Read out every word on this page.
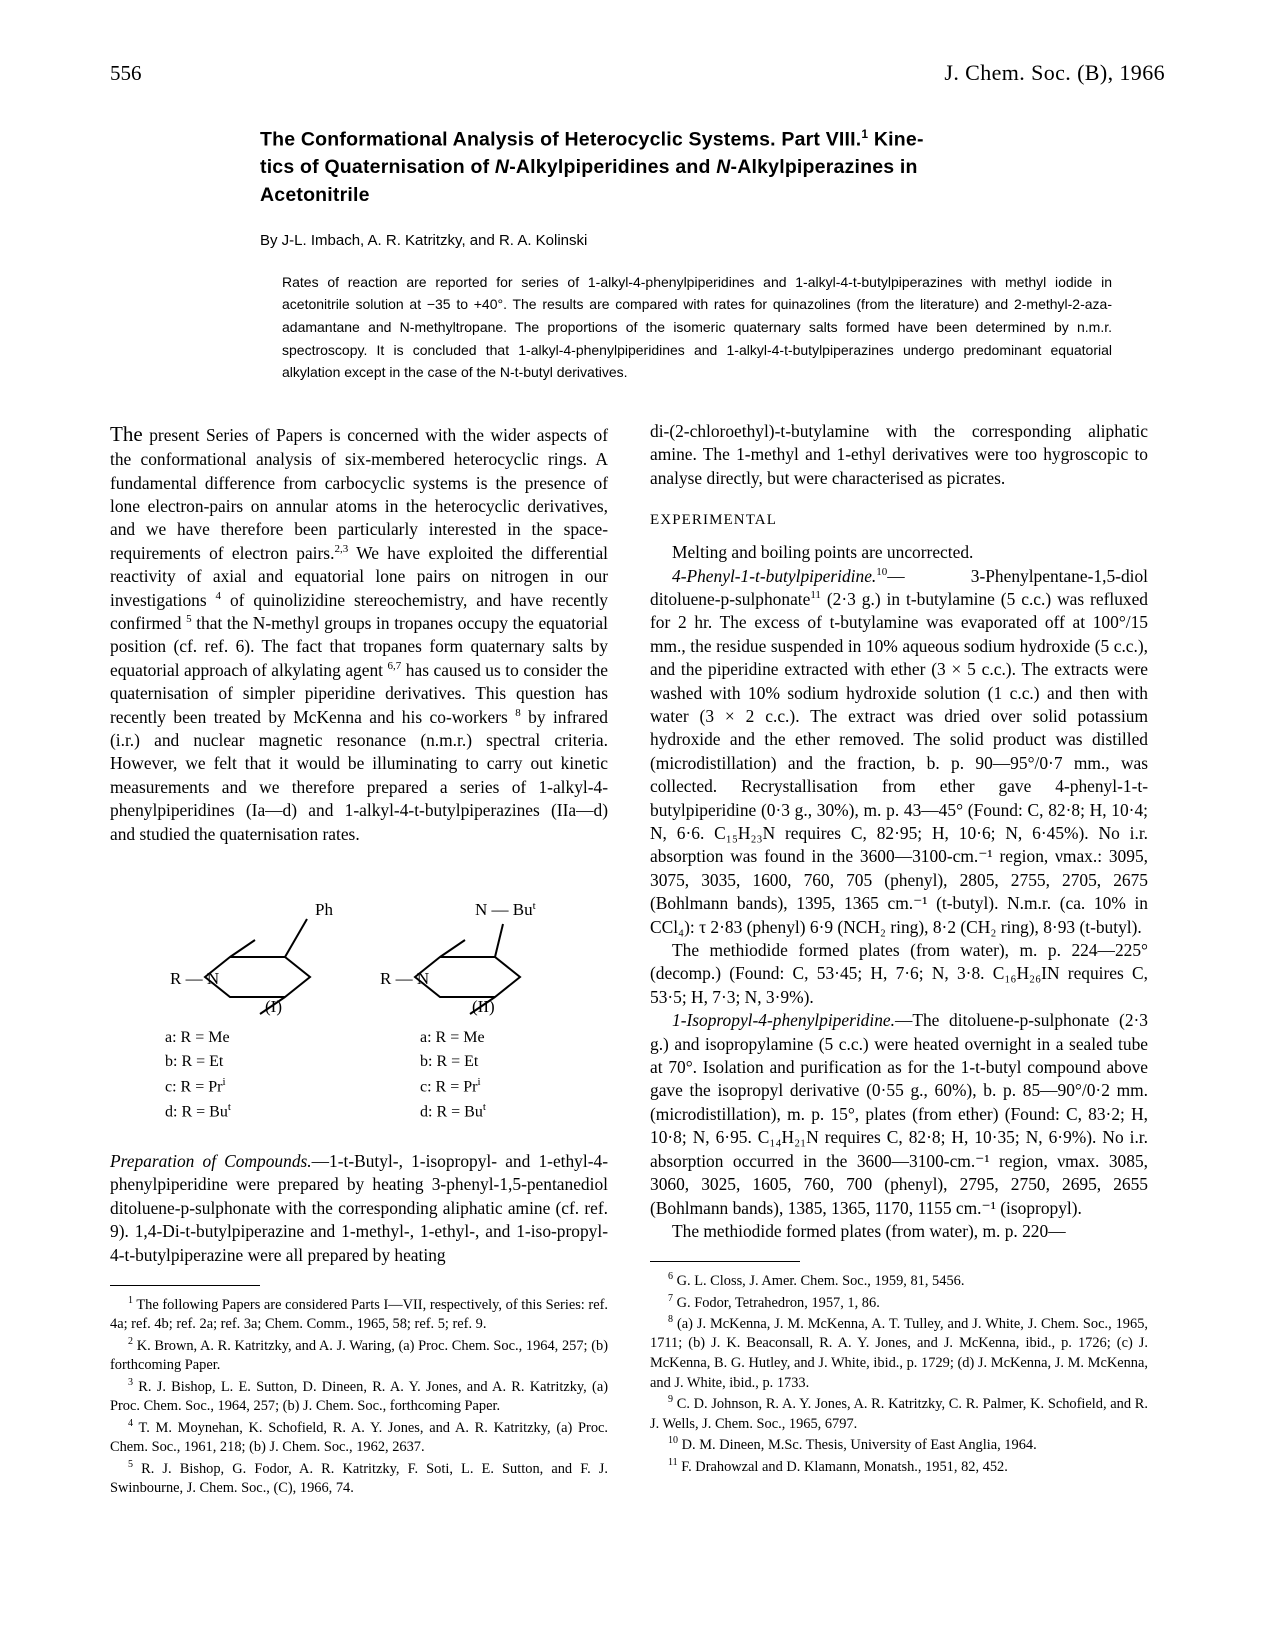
556	J. Chem. Soc. (B), 1966
The Conformational Analysis of Heterocyclic Systems. Part VIII.$^1$ Kine-
tics of Quaternisation of N-Alkylpiperidines and N-Alkylpiperazines in
Acetonitrile
By J-L. Imbach, A. R. Katritzky, and R. A. Kolinski
Rates of reaction are reported for series of 1-alkyl-4-phenylpiperidines and 1-alkyl-4-t-butylpiperazines with methyl iodide in acetonitrile solution at −35 to +40°. The results are compared with rates for quinazolines (from the literature) and 2-methyl-2-aza-adamantane and N-methyltropane. The proportions of the isomeric quaternary salts formed have been determined by n.m.r. spectroscopy. It is concluded that 1-alkyl-4-phenylpiperidines and 1-alkyl-4-t-butylpiperazines undergo predominant equatorial alkylation except in the case of the N-t-butyl derivatives.

The present Series of Papers is concerned with the wider aspects of the conformational analysis of six-membered heterocyclic rings. A fundamental difference from carbocyclic systems is the presence of lone electron-pairs on annular atoms in the heterocyclic derivatives, and we have therefore been particularly interested in the space-requirements of electron pairs.$^{2,3}$ We have exploited the differential reactivity of axial and equatorial lone pairs on nitrogen in our investigations $^4$ of quinolizidine stereochemistry, and have recently confirmed $^5$ that the N-methyl groups in tropanes occupy the equatorial position (cf. ref. 6). The fact that tropanes form quaternary salts by equatorial approach of alkylating agent $^{6,7}$ has caused us to consider the quaternisation of simpler piperidine derivatives. This question has recently been treated by McKenna and his co-workers $^8$ by infrared (i.r.) and nuclear magnetic resonance (n.m.r.) spectral criteria. However, we felt that it would be illuminating to carry out kinetic measurements and we therefore prepared a series of 1-alkyl-4-phenylpiperidines (Ia—d) and 1-alkyl-4-t-butylpiperazines (IIa—d) and studied the quaternisation rates.

Ph
R — N
(I)
N — Bu$^t$
R — N
(II)
a: R = Me
b: R = Et
c: $R = Pr^i$
d: $R = Bu^t$
a: R = Me
b: R = Et
c: $R = Pr^i$
d: $R = Bu^t$

Preparation of Compounds.—1-t-Butyl-, 1-isopropyl- and 1-ethyl-4-phenylpiperidine were prepared by heating 3-phenyl-1,5-pentanediol ditoluene-p-sulphonate with the corresponding aliphatic amine (cf. ref. 9). 1,4-Di-t-butylpiperazine and 1-methyl-, 1-ethyl-, and 1-iso-propyl-4-t-butylpiperazine were all prepared by heating

$^1$ The following Papers are considered Parts I—VII, respectively, of this Series: ref. 4a; ref. 4b; ref. 2a; ref. 3a; Chem. Comm., 1965, 58; ref. 5; ref. 9.

$^2$ K. Brown, A. R. Katritzky, and A. J. Waring, (a) Proc. Chem. Soc., 1964, 257; (b) forthcoming Paper.

$^3$ R. J. Bishop, L. E. Sutton, D. Dineen, R. A. Y. Jones, and A. R. Katritzky, (a) Proc. Chem. Soc., 1964, 257; (b) J. Chem. Soc., forthcoming Paper.

$^4$ T. M. Moynehan, K. Schofield, R. A. Y. Jones, and A. R. Katritzky, (a) Proc. Chem. Soc., 1961, 218; (b) J. Chem. Soc., 1962, 2637.

$^5$ R. J. Bishop, G. Fodor, A. R. Katritzky, F. Soti, L. E. Sutton, and F. J. Swinbourne, J. Chem. Soc., (C), 1966, 74.

di-(2-chloroethyl)-t-butylamine with the corresponding aliphatic amine. The 1-methyl and 1-ethyl derivatives were too hygroscopic to analyse directly, but were characterised as picrates.

EXPERIMENTAL

Melting and boiling points are uncorrected.

4-Phenyl-1-t-butylpiperidine.$^{10}$— 3-Phenylpentane-1,5-diol ditoluene-p-sulphonate$^{11}$ (2·3 g.) in t-butylamine (5 c.c.) was refluxed for 2 hr. The excess of t-butylamine was evaporated off at 100°/15 mm., the residue suspended in 10% aqueous sodium hydroxide (5 c.c.), and the piperidine extracted with ether (3 × 5 c.c.). The extracts were washed with 10% sodium hydroxide solution (1 c.c.) and then with water (3 × 2 c.c.). The extract was dried over solid potassium hydroxide and the ether removed. The solid product was distilled (microdistillation) and the fraction, b. p. 90—95°/0·7 mm., was collected. Recrystallisation from ether gave 4-phenyl-1-t-butylpiperidine (0·3 g., 30%), m. p. 43—45° (Found: C, 82·8; H, 10·4; N, 6·6. C₁₅H₂₃N requires C, 82·95; H, 10·6; N, 6·45%). No i.r. absorption was found in the 3600—3100-cm.⁻¹ region, νmax.: 3095, 3075, 3035, 1600, 760, 705 (phenyl), 2805, 2755, 2705, 2675 (Bohlmann bands), 1395, 1365 cm.⁻¹ (t-butyl). N.m.r. (ca. 10% in CCl₄): τ 2·83 (phenyl) 6·9 (NCH₂ ring), 8·2 (CH₂ ring), 8·93 (t-butyl).

The methiodide formed plates (from water), m. p. 224—225° (decomp.) (Found: C, 53·45; H, 7·6; N, 3·8. C₁₆H₂₆IN requires C, 53·5; H, 7·3; N, 3·9%).

1-Isopropyl-4-phenylpiperidine.—The ditoluene-p-sulphonate (2·3 g.) and isopropylamine (5 c.c.) were heated overnight in a sealed tube at 70°. Isolation and purification as for the 1-t-butyl compound above gave the isopropyl derivative (0·55 g., 60%), b. p. 85—90°/0·2 mm. (microdistillation), m. p. 15°, plates (from ether) (Found: C, 83·2; H, 10·8; N, 6·95. C₁₄H₂₁N requires C, 82·8; H, 10·35; N, 6·9%). No i.r. absorption occurred in the 3600—3100-cm.⁻¹ region, νmax. 3085, 3060, 3025, 1605, 760, 700 (phenyl), 2795, 2750, 2695, 2655 (Bohlmann bands), 1385, 1365, 1170, 1155 cm.⁻¹ (isopropyl).

The methiodide formed plates (from water), m. p. 220—

$^6$ G. L. Closs, J. Amer. Chem. Soc., 1959, 81, 5456.

$^7$ G. Fodor, Tetrahedron, 1957, 1, 86.

$^8$ (a) J. McKenna, J. M. McKenna, A. T. Tulley, and J. White, J. Chem. Soc., 1965, 1711; (b) J. K. Beaconsall, R. A. Y. Jones, and J. McKenna, ibid., p. 1726; (c) J. McKenna, B. G. Hutley, and J. White, ibid., p. 1729; (d) J. McKenna, J. M. McKenna, and J. White, ibid., p. 1733.

$^9$ C. D. Johnson, R. A. Y. Jones, A. R. Katritzky, C. R. Palmer, K. Schofield, and R. J. Wells, J. Chem. Soc., 1965, 6797.

$^{10}$ D. M. Dineen, M.Sc. Thesis, University of East Anglia, 1964.

$^{11}$ F. Drahowzal and D. Klamann, Monatsh., 1951, 82, 452.
